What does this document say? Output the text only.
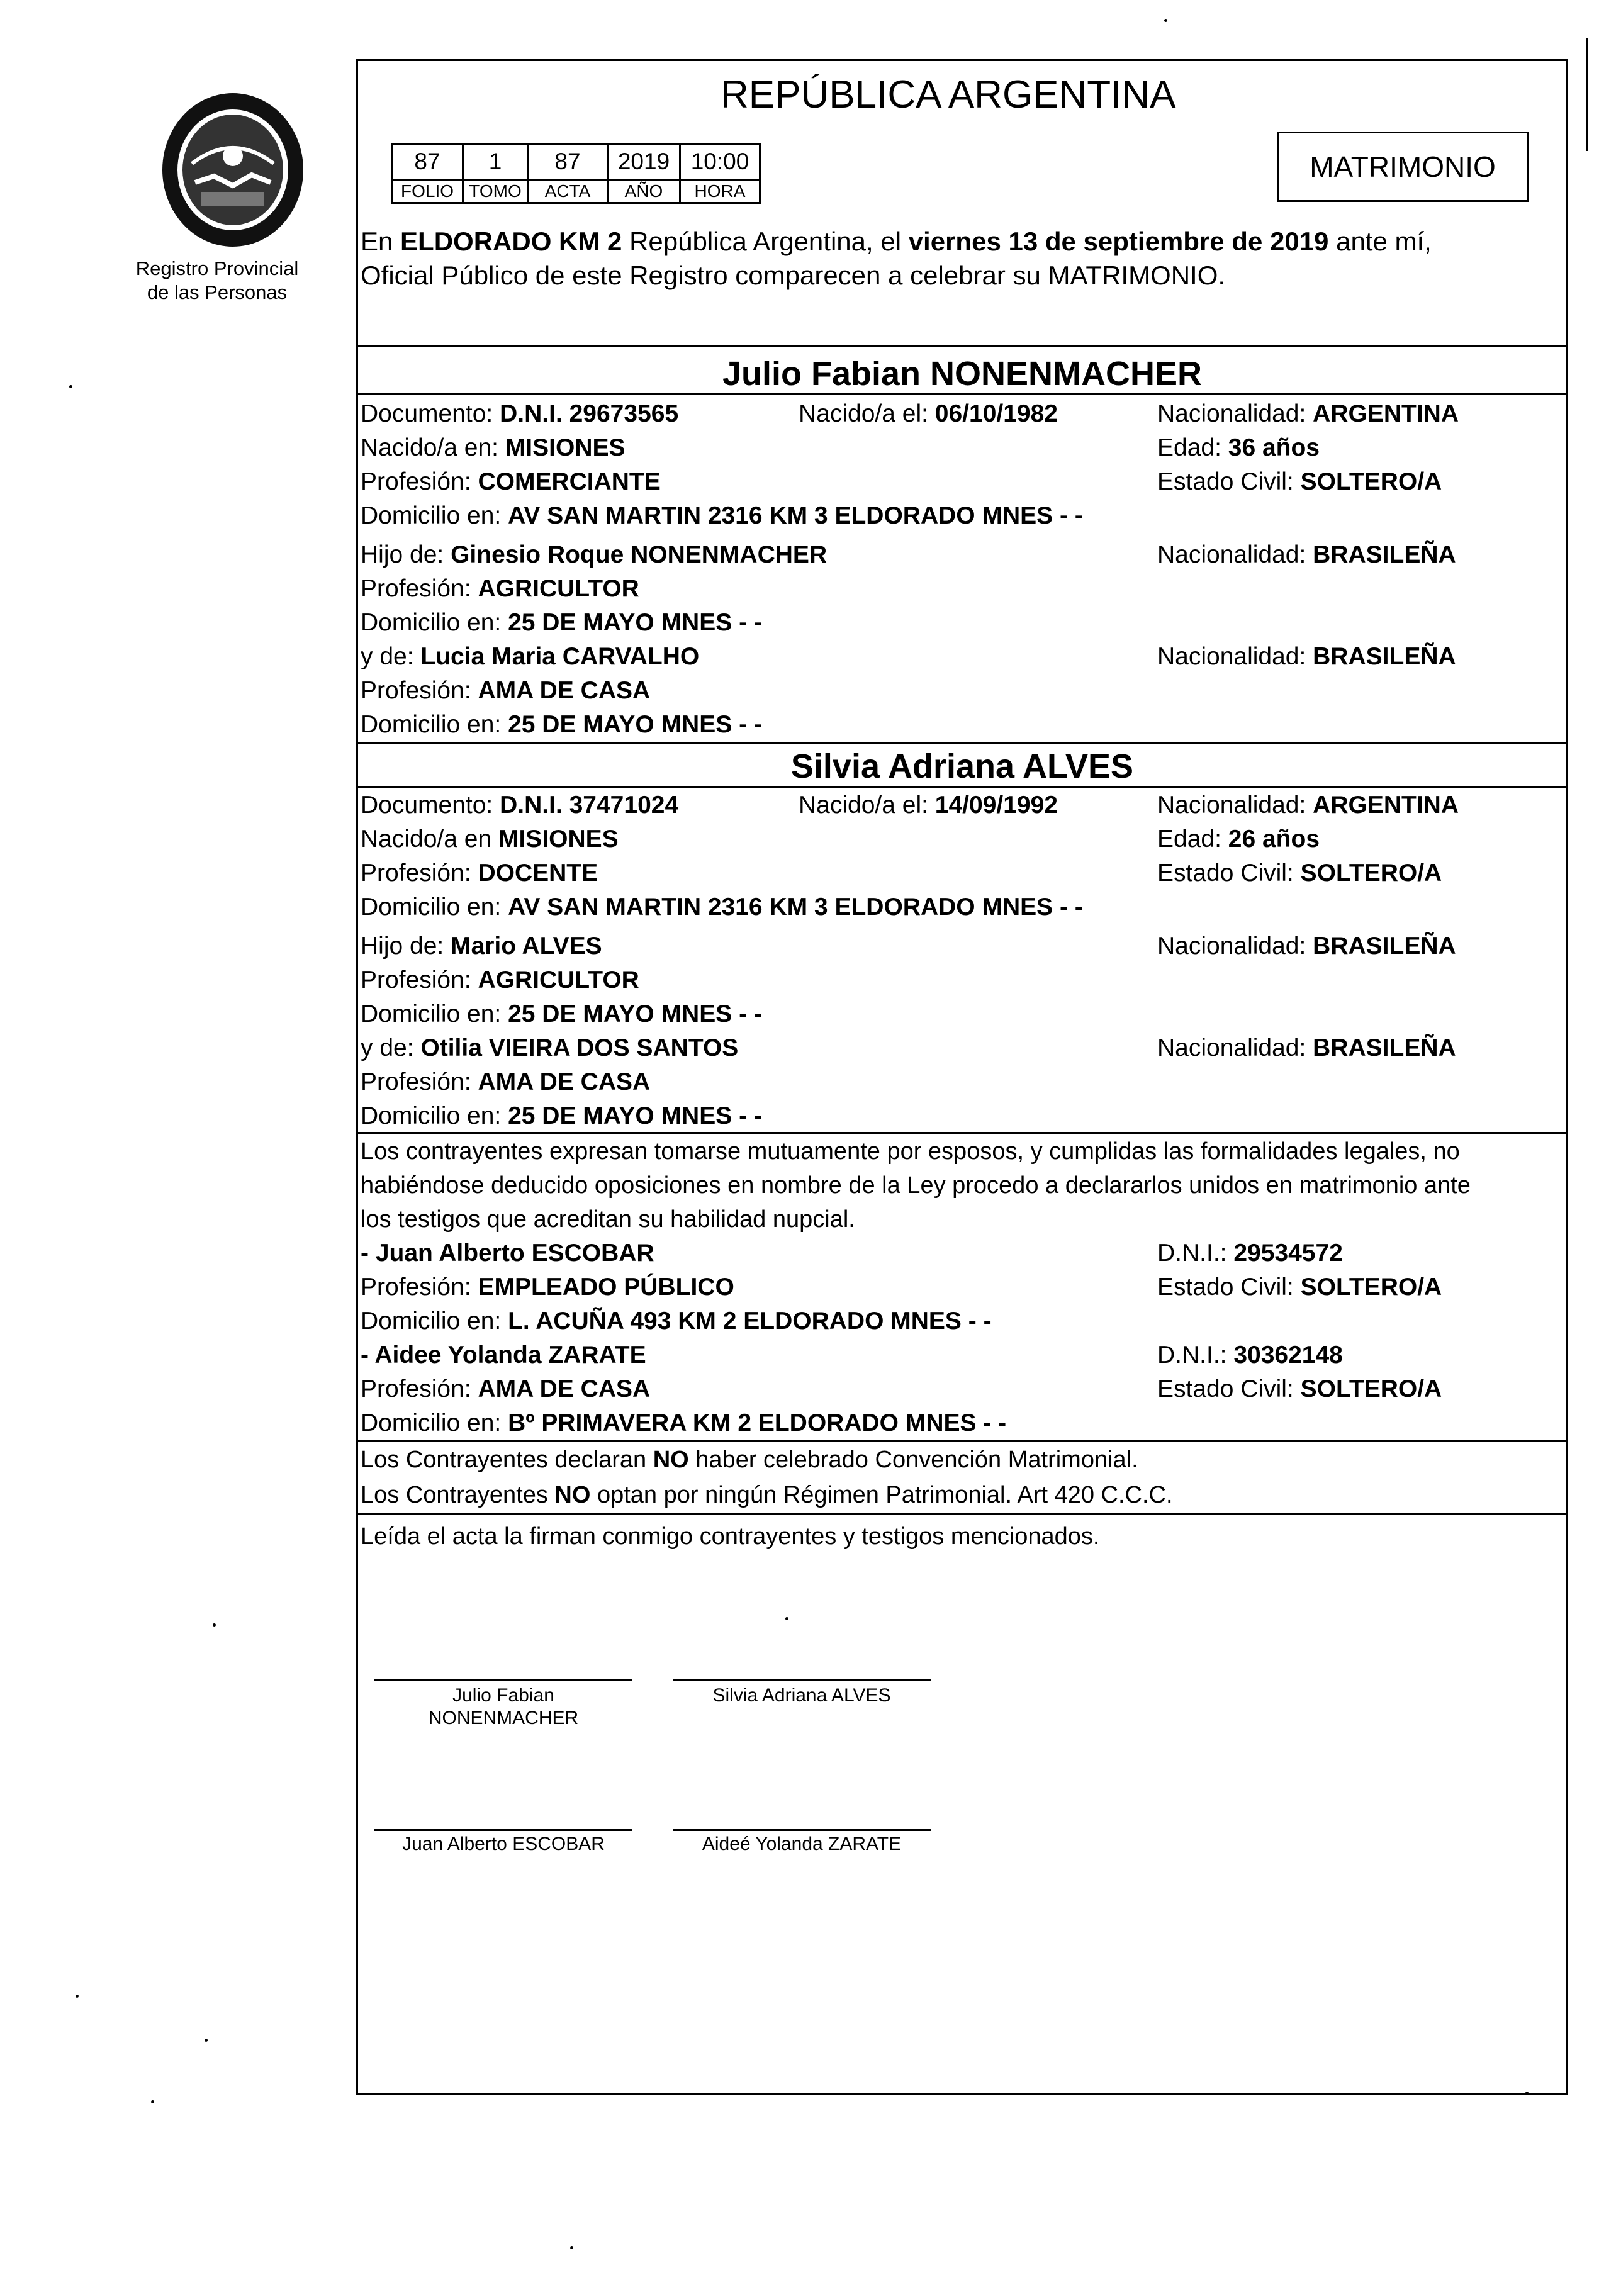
Registro Provincial
de las Personas
REPÚBLICA ARGENTINA
87	1	87	2019	10:00
FOLIO	TOMO	ACTA	AÑO	HORA
MATRIMONIO
En ELDORADO KM 2 República Argentina, el viernes 13 de septiembre de 2019 ante mí,
Oficial Público de este Registro comparecen a celebrar su MATRIMONIO.
Julio Fabian NONENMACHER
Documento: D.N.I. 29673565	Nacido/a el: 06/10/1982	Nacionalidad: ARGENTINA
Nacido/a en: MISIONES	Edad: 36 años
Profesión: COMERCIANTE	Estado Civil: SOLTERO/A
Domicilio en: AV SAN MARTIN 2316 KM 3 ELDORADO MNES - -
Hijo de: Ginesio Roque NONENMACHER	Nacionalidad: BRASILEÑA
Profesión: AGRICULTOR
Domicilio en: 25 DE MAYO MNES - -
y de: Lucia Maria CARVALHO	Nacionalidad: BRASILEÑA
Profesión: AMA DE CASA
Domicilio en: 25 DE MAYO MNES - -
Silvia Adriana ALVES
Documento: D.N.I. 37471024	Nacido/a el: 14/09/1992	Nacionalidad: ARGENTINA
Nacido/a en MISIONES	Edad: 26 años
Profesión: DOCENTE	Estado Civil: SOLTERO/A
Domicilio en: AV SAN MARTIN 2316 KM 3 ELDORADO MNES - -
Hijo de: Mario ALVES	Nacionalidad: BRASILEÑA
Profesión: AGRICULTOR
Domicilio en: 25 DE MAYO MNES - -
y de: Otilia VIEIRA DOS SANTOS	Nacionalidad: BRASILEÑA
Profesión: AMA DE CASA
Domicilio en: 25 DE MAYO MNES - -
Los contrayentes expresan tomarse mutuamente por esposos, y cumplidas las formalidades legales, no
habiéndose deducido oposiciones en nombre de la Ley procedo a declararlos unidos en matrimonio ante
los testigos que acreditan su habilidad nupcial.
- Juan Alberto ESCOBAR	D.N.I.: 29534572
Profesión: EMPLEADO PÚBLICO	Estado Civil: SOLTERO/A
Domicilio en: L. ACUÑA 493 KM 2 ELDORADO MNES - -
- Aidee Yolanda ZARATE	D.N.I.: 30362148
Profesión: AMA DE CASA	Estado Civil: SOLTERO/A
Domicilio en: Bº PRIMAVERA KM 2 ELDORADO MNES - -
Los Contrayentes declaran NO haber celebrado Convención Matrimonial.
Los Contrayentes NO optan por ningún Régimen Patrimonial. Art 420 C.C.C.
Leída el acta la firman conmigo contrayentes y testigos mencionados.
Julio Fabian
NONENMACHER
Silvia Adriana ALVES
Juan Alberto ESCOBAR	Aideé Yolanda ZARATE
